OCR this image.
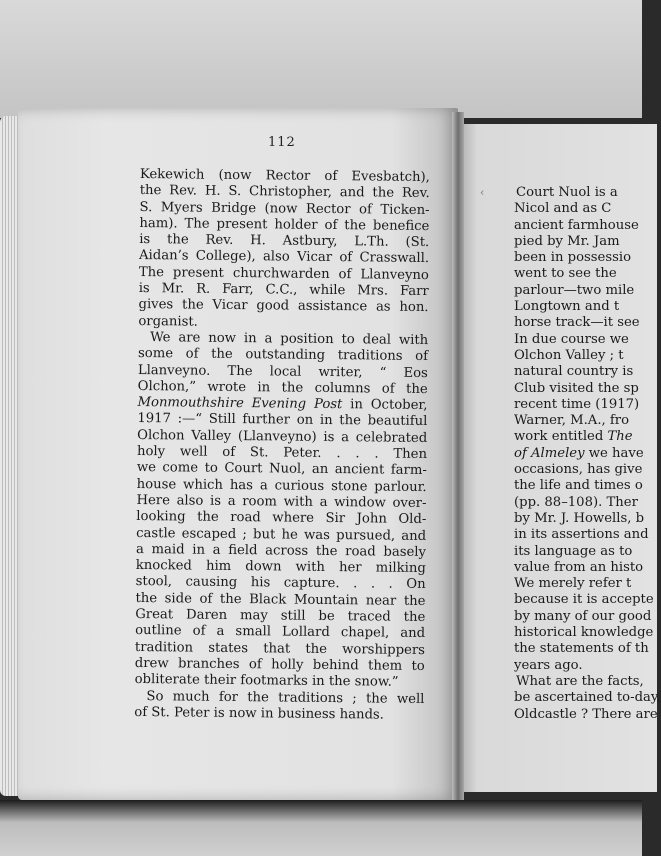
112
Kekewich (now Rector of Evesbatch),
the Rev. H. S. Christopher, and the Rev.
S. Myers Bridge (now Rector of Ticken-
ham). The present holder of the benefice
is the Rev. H. Astbury, L.Th. (St.
Aidan’s College), also Vicar of Crasswall.
The present churchwarden of Llanveyno
is Mr. R. Farr, C.C., while Mrs. Farr
gives the Vicar good assistance as hon.
organist.
We are now in a position to deal with
some of the outstanding traditions of
Llanveyno. The local writer, “ Eos
Olchon,” wrote in the columns of the
Monmouthshire Evening Post in October,
1917 :—“ Still further on in the beautiful
Olchon Valley (Llanveyno) is a celebrated
holy well of St. Peter. . . . Then
we come to Court Nuol, an ancient farm-
house which has a curious stone parlour.
Here also is a room with a window over-
looking the road where Sir John Old-
castle escaped ; but he was pursued, and
a maid in a field across the road basely
knocked him down with her milking
stool, causing his capture. . . . On
the side of the Black Mountain near the
Great Daren may still be traced the
outline of a small Lollard chapel, and
tradition states that the worshippers
drew branches of holly behind them to
obliterate their footmarks in the snow.”
So much for the traditions ; the well
of St. Peter is now in business hands.
‹ Court Nuol is a
Nicol and as C
ancient farmhouse
pied by Mr. Jam
been in possessio
went to see the
parlour—two mile
Longtown and t
horse track—it see
In due course we
Olchon Valley ; t
natural country is
Club visited the sp
recent time (1917)
Warner, M.A., fro
work entitled The
of Almeley we have
occasions, has give
the life and times o
(pp. 88–108). Ther
by Mr. J. Howells, b
in its assertions and
its language as to
value from an histo
We merely refer t
because it is accepte
by many of our good
historical knowledge
the statements of th
years ago.
What are the facts,
be ascertained to-day,
Oldcastle ? There are
